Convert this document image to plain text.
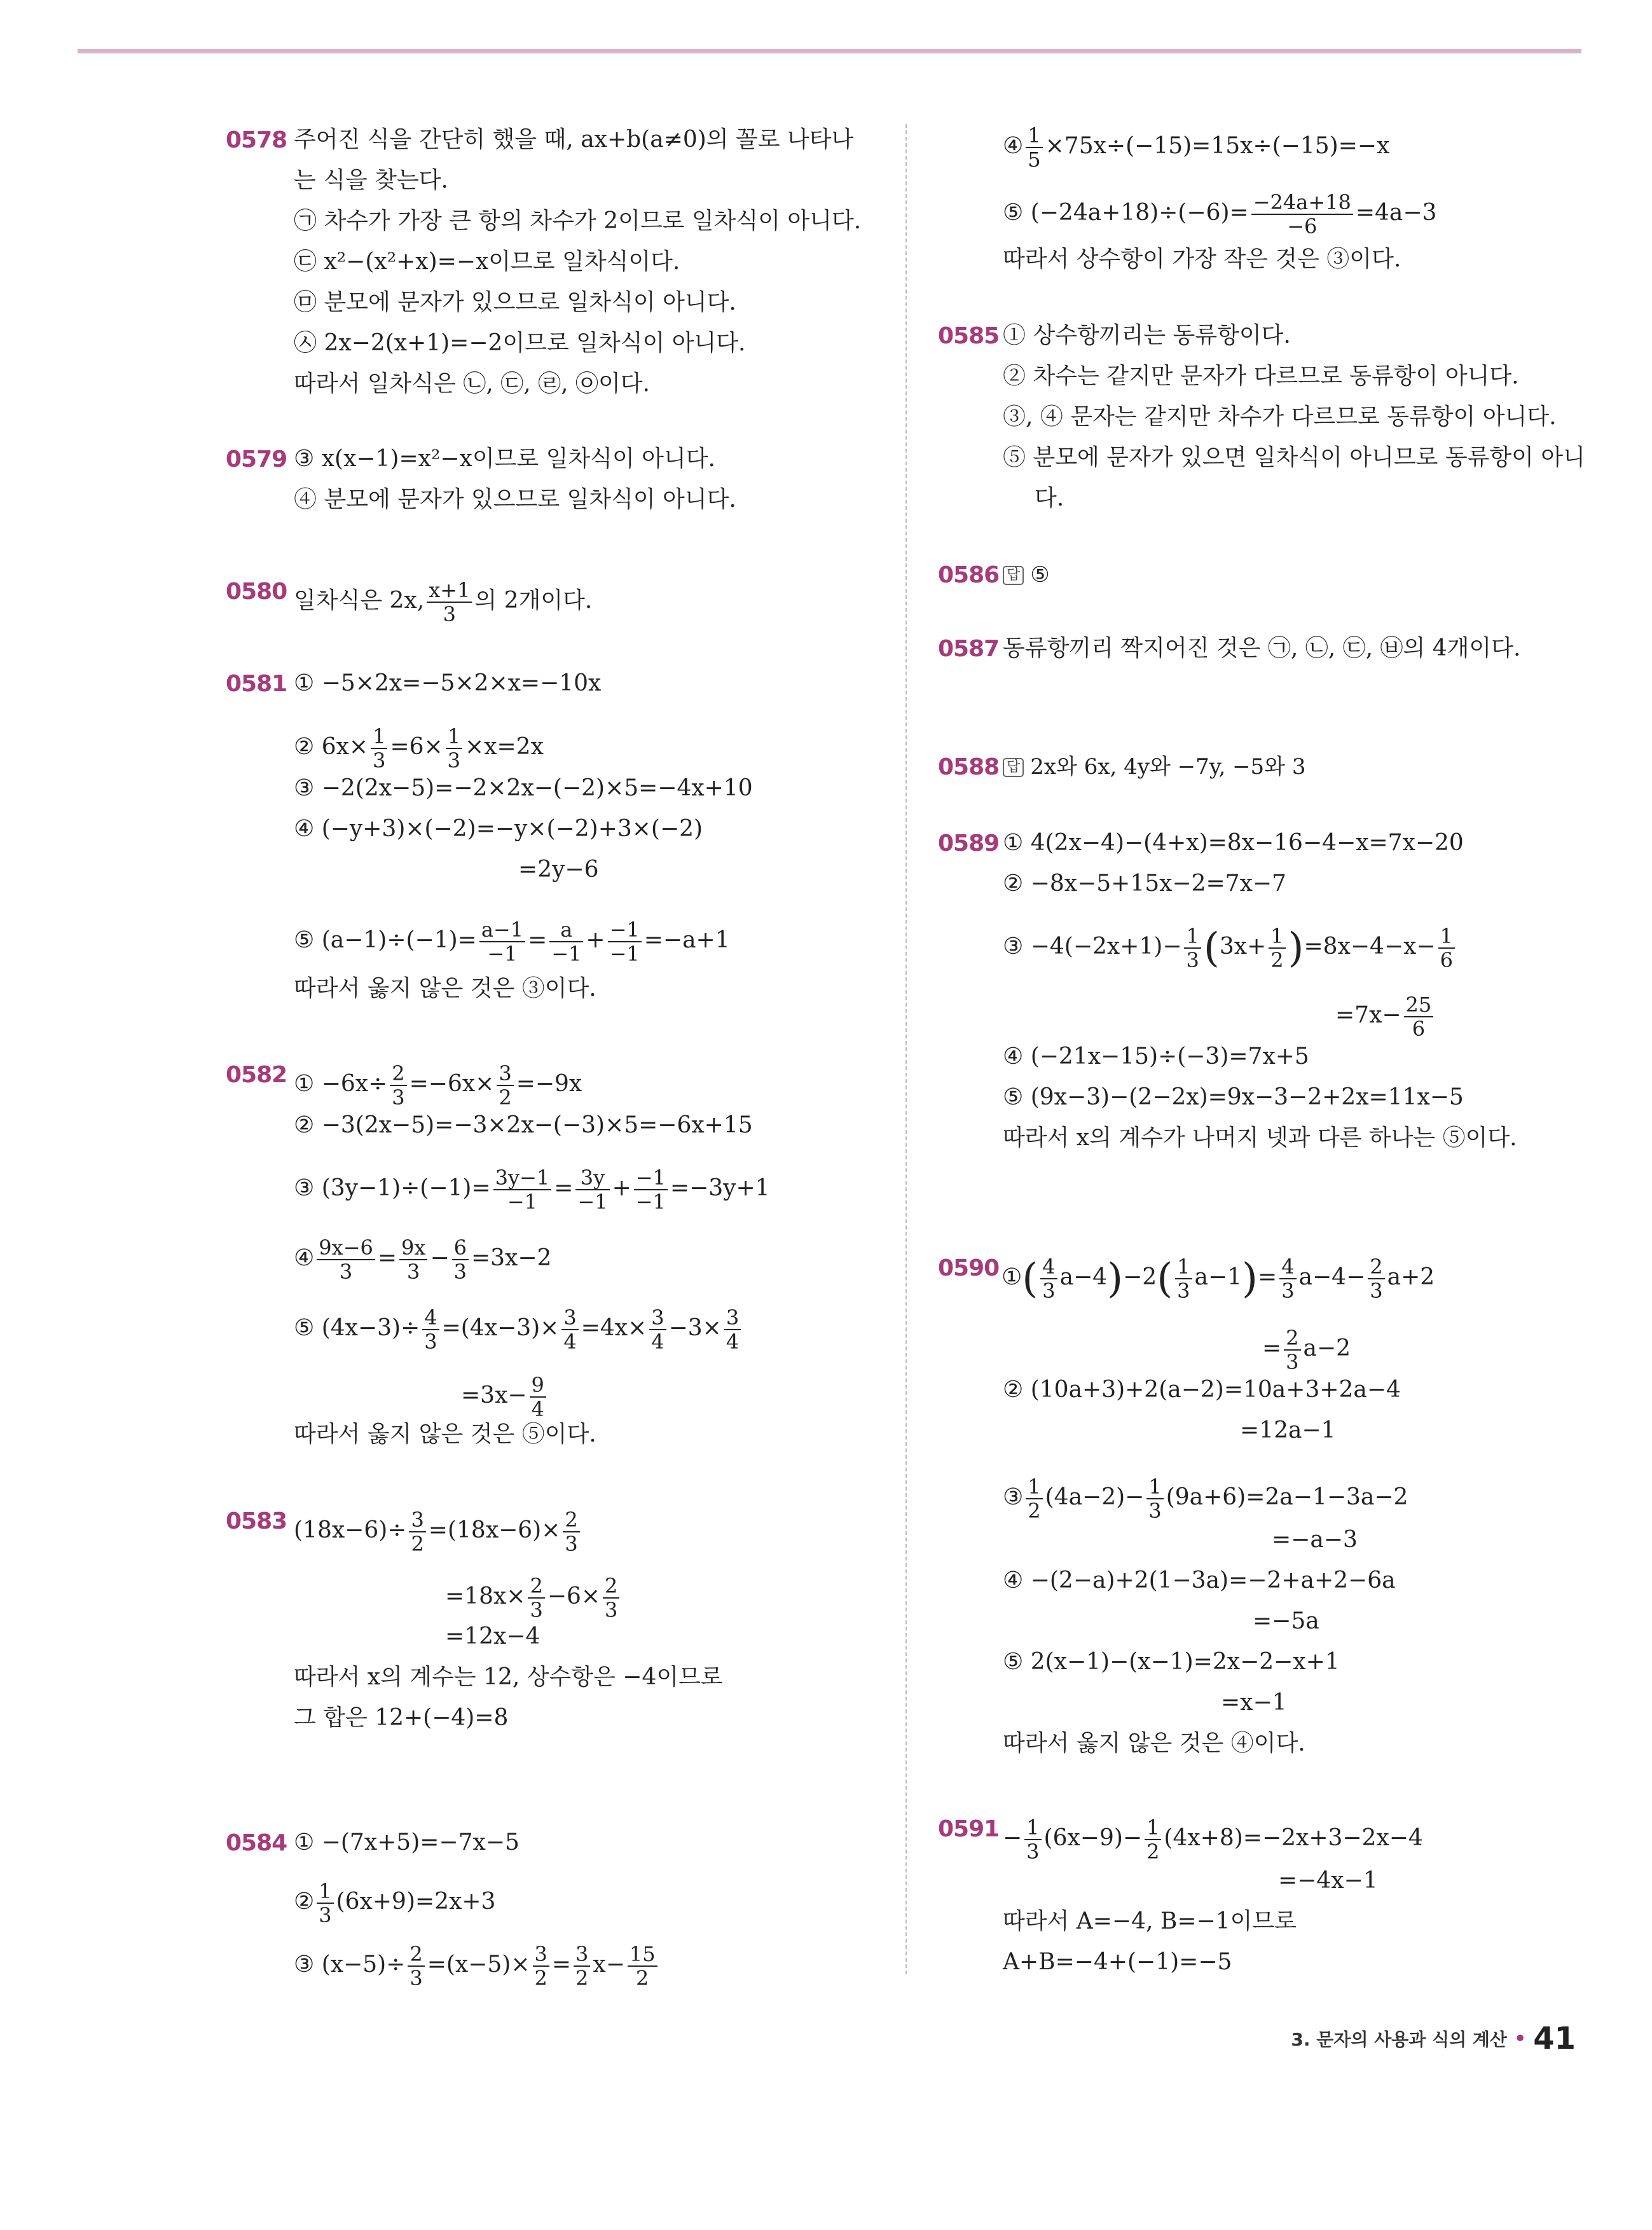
0578 주어진 식을 간단히 했을 때, ax+b(a≠0)의 꼴로 나타나
는 식을 찾는다.
㉠ 차수가 가장 큰 항의 차수가 2이므로 일차식이 아니다.
㉢ x²−(x²+x)=−x이므로 일차식이다.
㉤ 분모에 문자가 있으므로 일차식이 아니다.
㉦ 2x−2(x+1)=−2이므로 일차식이 아니다.
따라서 일차식은 ㉡, ㉢, ㉣, ㉧이다.
0579 ③ x(x−1)=x²−x이므로 일차식이 아니다.
④ 분모에 문자가 있으므로 일차식이 아니다.
0580 일차식은 2x, $\frac{x+1}{3}$ 의 2개이다.
0581 ① −5×2x=−5×2×x=−10x
② $6x\times \frac{1}{3} =6\times \frac{1}{3} \times x=2x$
③ −2(2x−5)=−2×2x−(−2)×5=−4x+10
④ (−y+3)×(−2)=−y×(−2)+3×(−2)
=2y−6
⑤ $(a-1)\div(-1)= \frac{a-1}{-1} = \frac{a}{-1} + \frac{-1}{-1} =-a+1$
따라서 옳지 않은 것은 ③이다.
0582 ① $-6x\div \frac{2}{3} =-6x\times \frac{3}{2} =-9x$
② −3(2x−5)=−3×2x−(−3)×5=−6x+15
③ $(3y-1)\div(-1)= \frac{3y-1}{-1} = \frac{3y}{-1} + \frac{-1}{-1} =-3y+1$
④ $\frac{9x-6}{3} = \frac{9x}{3} - \frac{6}{3} =3x-2$
⑤ $(4x-3)\div \frac{4}{3} =(4x-3)\times \frac{3}{4} =4x\times \frac{3}{4} -3\times \frac{3}{4}$
$=3x- \frac{9}{4}$
따라서 옳지 않은 것은 ⑤이다.
0583 $(18x-6)\div \frac{3}{2} =(18x-6)\times \frac{2}{3}$
$=18x\times \frac{2}{3} -6\times \frac{2}{3}$
=12x−4
따라서 x의 계수는 12, 상수항은 −4이므로
그 합은 12+(−4)=8
0584 ① −(7x+5)=−7x−5
② $\frac{1}{3} (6x+9)=2x+3$
③ $(x-5)\div \frac{2}{3} =(x-5)\times \frac{3}{2} = \frac{3}{2} x- \frac{15}{2}$
④ $\frac{1}{5} \times 75x\div(-15)=15x\div(-15)=-x$
⑤ $(-24a+18)\div(-6)= \frac{-24a+18}{-6} =4a-3$
따라서 상수항이 가장 작은 것은 ③이다.
0585 ① 상수항끼리는 동류항이다.
② 차수는 같지만 문자가 다르므로 동류항이 아니다.
③, ④ 문자는 같지만 차수가 다르므로 동류항이 아니다.
⑤ 분모에 문자가 있으면 일차식이 아니므로 동류항이 아니
다.
0586 답 ⑤
0587 동류항끼리 짝지어진 것은 ㉠, ㉡, ㉢, ㉥의 4개이다.
0588 답 2x와 6x, 4y와 −7y, −5와 3
0589 ① 4(2x−4)−(4+x)=8x−16−4−x=7x−20
② −8x−5+15x−2=7x−7
③ $-4(-2x+1)- \frac{1}{3} (3x+ \frac{1}{2} )=8x-4-x- \frac{1}{6}$
$=7x- \frac{25}{6}$
④ (−21x−15)÷(−3)=7x+5
⑤ (9x−3)−(2−2x)=9x−3−2+2x=11x−5
따라서 x의 계수가 나머지 넷과 다른 하나는 ⑤이다.
0590 ①( $\frac{4}{3} a-4)-2( \frac{1}{3} a-1)= \frac{4}{3} a-4- \frac{2}{3} a+2$
= $\frac{2}{3} a-2$
② (10a+3)+2(a−2)=10a+3+2a−4
=12a−1
③ $\frac{1}{2} (4a-2)- \frac{1}{3} (9a+6)=2a-1-3a-2$
=−a−3
④ −(2−a)+2(1−3a)=−2+a+2−6a
=−5a
⑤ 2(x−1)−(x−1)=2x−2−x+1
=x−1
따라서 옳지 않은 것은 ④이다.
$0591 - \frac{1}{3} (6x-9)- \frac{1}{2} (4x+8)=-2x+3-2x-4$
=−4x−1
따라서 A=−4, B=−1이므로
A+B=−4+(−1)=−5
3. 문자의 사용과 식의 계산 • 41
